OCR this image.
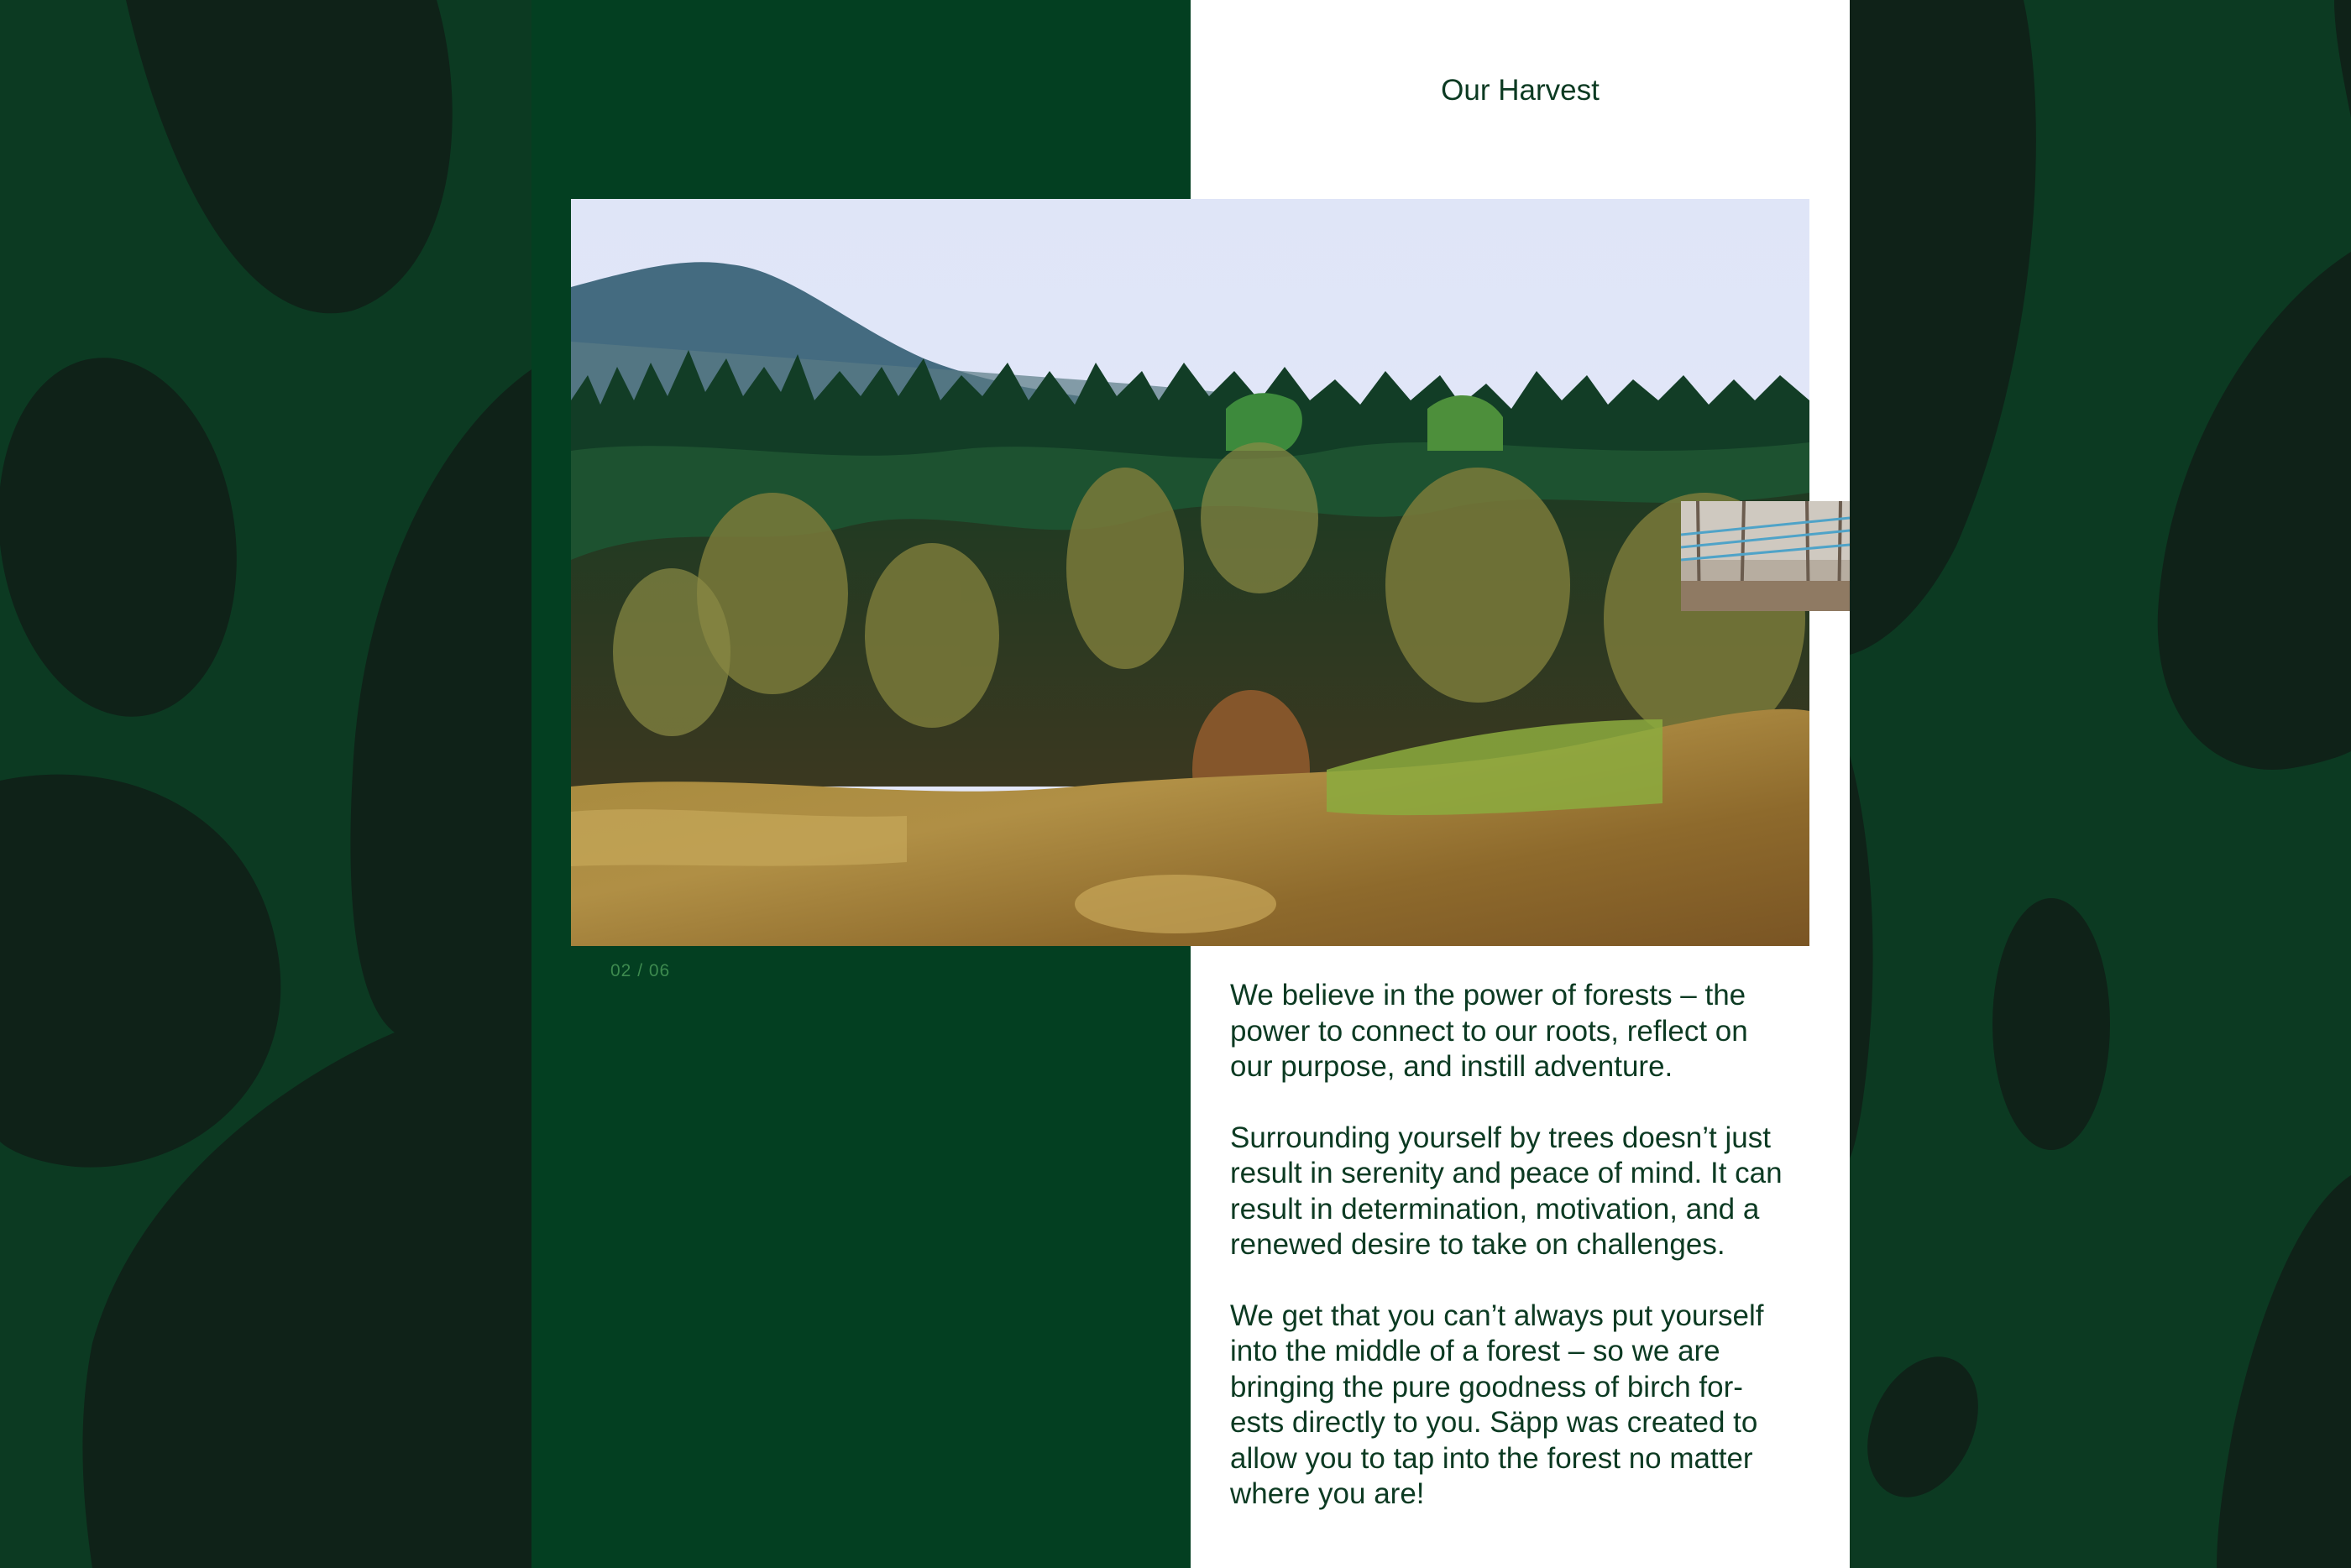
Our Harvest
02 / 06

We believe in the power of forests – the
power to connect to our roots, reflect on
our purpose, and instill adventure.

Surrounding yourself by trees doesn’t just
result in serenity and peace of mind. It can
result in determination, motivation, and a
renewed desire to take on challenges.

We get that you can’t always put yourself
into the middle of a forest – so we are
bringing the pure goodness of birch for-
ests directly to you. Säpp was created to
allow you to tap into the forest no matter
where you are!
